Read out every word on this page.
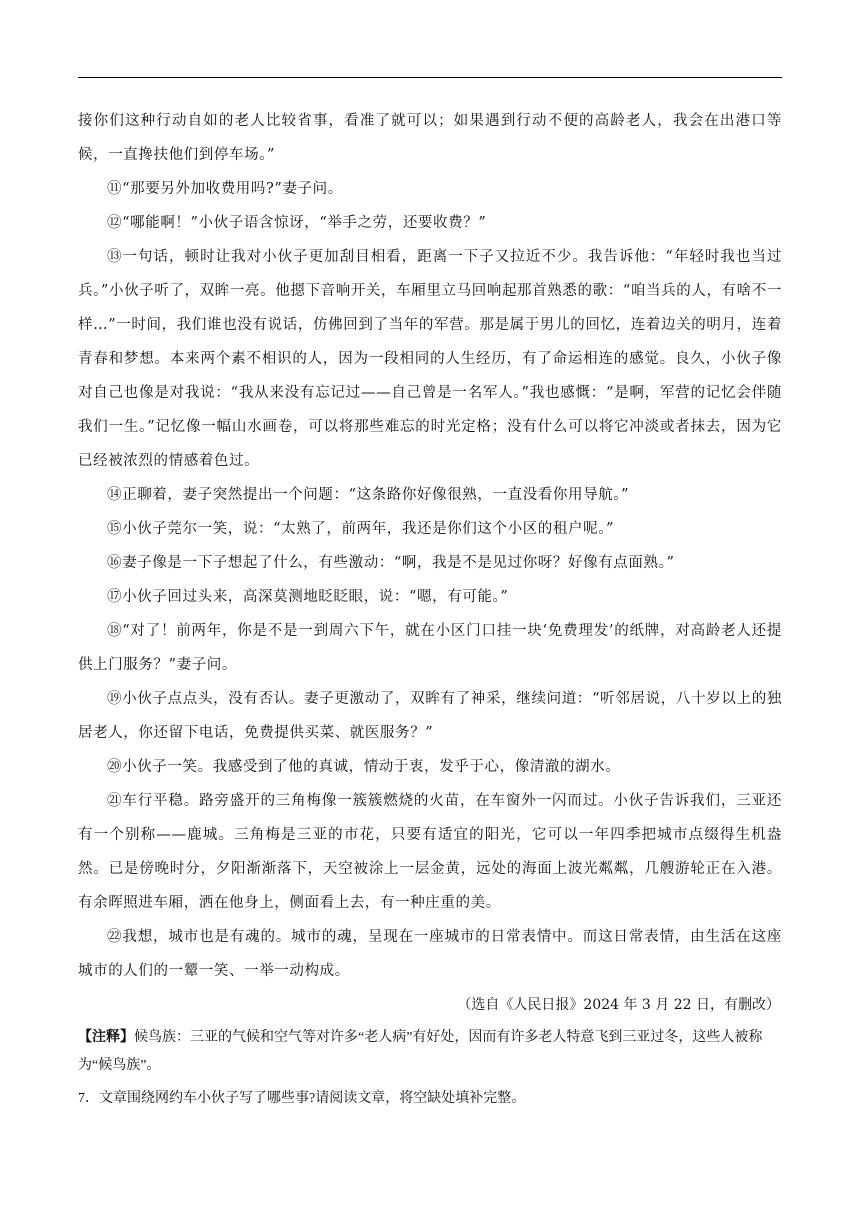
接你们这种行动自如的老人比较省事，看准了就可以；如果遇到行动不便的高龄老人，我会在出港口等候，一直搀扶他们到停车场。”

⑪“那要另外加收费用吗?”妻子问。

⑫“哪能啊！”小伙子语含惊讶，“举手之劳，还要收费？”

⑬一句话，顿时让我对小伙子更加刮目相看，距离一下子又拉近不少。我告诉他：“年轻时我也当过兵。”小伙子听了，双眸一亮。他摁下音响开关，车厢里立马回响起那首熟悉的歌：“咱当兵的人，有啥不一样…”一时间，我们谁也没有说话，仿佛回到了当年的军营。那是属于男儿的回忆，连着边关的明月，连着青春和梦想。本来两个素不相识的人，因为一段相同的人生经历，有了命运相连的感觉。良久，小伙子像对自己也像是对我说：“我从来没有忘记过——自己曾是一名军人。”我也感慨：“是啊，军营的记忆会伴随我们一生。”记忆像一幅山水画卷，可以将那些难忘的时光定格；没有什么可以将它冲淡或者抹去，因为它已经被浓烈的情感着色过。

⑭正聊着，妻子突然提出一个问题：“这条路你好像很熟，一直没看你用导航。”

⑮小伙子莞尔一笑，说：“太熟了，前两年，我还是你们这个小区的租户呢。”

⑯妻子像是一下子想起了什么，有些激动：“啊，我是不是见过你呀？好像有点面熟。”

⑰小伙子回过头来，高深莫测地眨眨眼，说：“嗯，有可能。”

⑱“对了！前两年，你是不是一到周六下午，就在小区门口挂一块‘免费理发’的纸牌，对高龄老人还提供上门服务？”妻子问。

⑲小伙子点点头，没有否认。妻子更激动了，双眸有了神采，继续问道：“听邻居说，八十岁以上的独居老人，你还留下电话，免费提供买菜、就医服务？”

⑳小伙子一笑。我感受到了他的真诚，情动于衷，发乎于心，像清澈的湖水。

㉑车行平稳。路旁盛开的三角梅像一簇簇燃烧的火苗，在车窗外一闪而过。小伙子告诉我们，三亚还有一个别称——鹿城。三角梅是三亚的市花，只要有适宜的阳光，它可以一年四季把城市点缀得生机盎然。已是傍晚时分，夕阳渐渐落下，天空被涂上一层金黄，远处的海面上波光粼粼，几艘游轮正在入港。有余晖照进车厢，洒在他身上，侧面看上去，有一种庄重的美。

㉒我想，城市也是有魂的。城市的魂，呈现在一座城市的日常表情中。而这日常表情，由生活在这座城市的人们的一颦一笑、一举一动构成。

（选自《人民日报》2024 年 3 月 22 日，有删改）

【注释】候鸟族：三亚的气候和空气等对许多“老人病”有好处，因而有许多老人特意飞到三亚过冬，这些人被称为“候鸟族”。

7．文章围绕网约车小伙子写了哪些事?请阅读文章，将空缺处填补完整。
